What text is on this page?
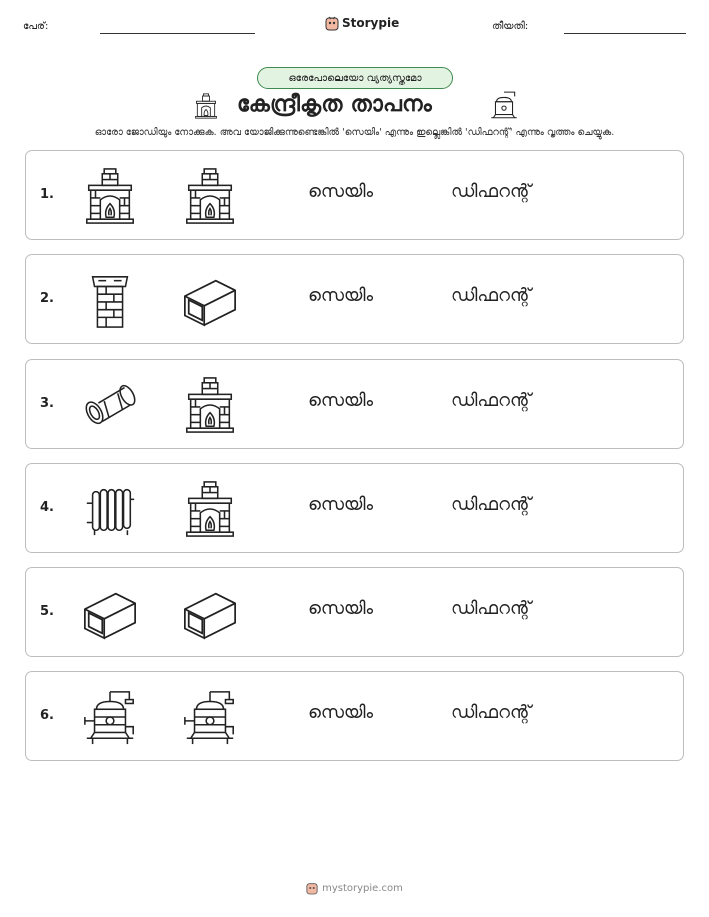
പേര്:	Storypie	തീയതി:
ഒരേപോലെയോ വ്യത്യസ്തമോ
കേന്ദ്രീകൃത താപനം
ഓരോ ജോഡിയും നോക്കുക. അവ യോജിക്കുന്നുണ്ടെങ്കിൽ 'സെയിം' എന്നും ഇല്ലെങ്കിൽ 'ഡിഫറന്റ്' എന്നും വൃത്തം ചെയ്യുക.
1.	സെയിം	ഡിഫറന്റ്
2.	സെയിം	ഡിഫറന്റ്
3.	സെയിം	ഡിഫറന്റ്
4.	സെയിം	ഡിഫറന്റ്
5.	സെയിം	ഡിഫറന്റ്
6.	സെയിം	ഡിഫറന്റ്
mystorypie.com
